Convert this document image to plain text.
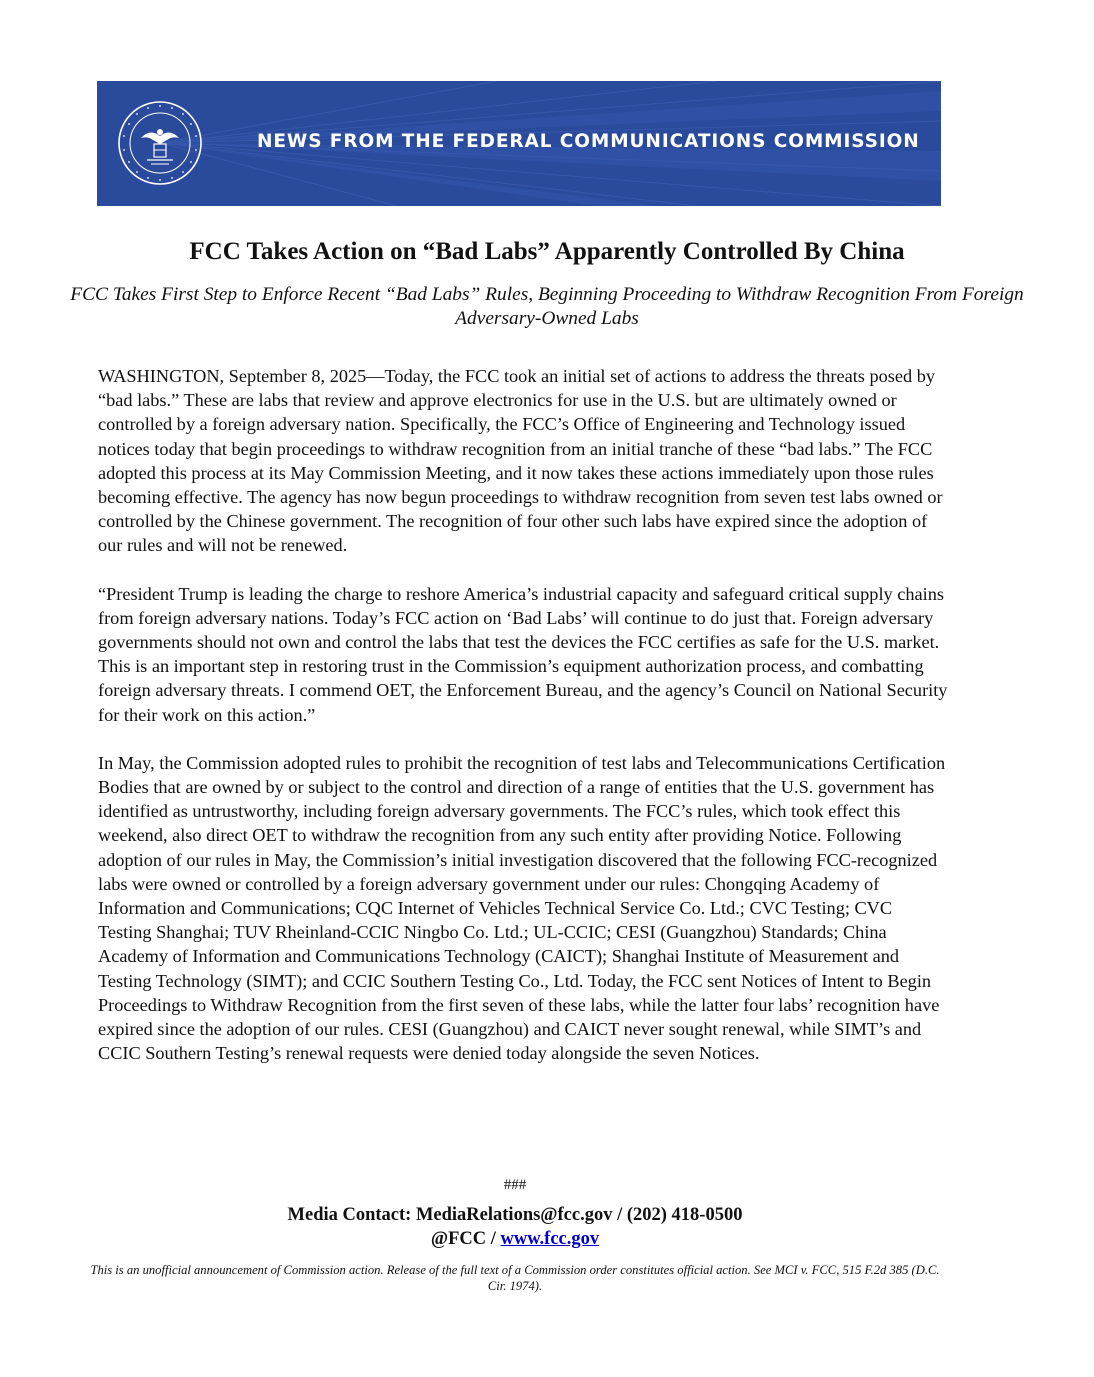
NEWS FROM THE FEDERAL COMMUNICATIONS COMMISSION
FCC Takes Action on “Bad Labs” Apparently Controlled By China
FCC Takes First Step to Enforce Recent “Bad Labs” Rules, Beginning Proceeding to Withdraw Recognition From Foreign Adversary-Owned Labs

WASHINGTON, September 8, 2025—Today, the FCC took an initial set of actions to address the threats posed by “bad labs.” These are labs that review and approve electronics for use in the U.S. but are ultimately owned or controlled by a foreign adversary nation. Specifically, the FCC’s Office of Engineering and Technology issued notices today that begin proceedings to withdraw recognition from an initial tranche of these “bad labs.” The FCC adopted this process at its May Commission Meeting, and it now takes these actions immediately upon those rules becoming effective. The agency has now begun proceedings to withdraw recognition from seven test labs owned or controlled by the Chinese government. The recognition of four other such labs have expired since the adoption of our rules and will not be renewed.

“President Trump is leading the charge to reshore America’s industrial capacity and safeguard critical supply chains from foreign adversary nations. Today’s FCC action on ‘Bad Labs’ will continue to do just that. Foreign adversary governments should not own and control the labs that test the devices the FCC certifies as safe for the U.S. market. This is an important step in restoring trust in the Commission’s equipment authorization process, and combatting foreign adversary threats. I commend OET, the Enforcement Bureau, and the agency’s Council on National Security for their work on this action.”

In May, the Commission adopted rules to prohibit the recognition of test labs and Telecommunications Certification Bodies that are owned by or subject to the control and direction of a range of entities that the U.S. government has identified as untrustworthy, including foreign adversary governments. The FCC’s rules, which took effect this weekend, also direct OET to withdraw the recognition from any such entity after providing Notice. Following adoption of our rules in May, the Commission’s initial investigation discovered that the following FCC-recognized labs were owned or controlled by a foreign adversary government under our rules: Chongqing Academy of Information and Communications; CQC Internet of Vehicles Technical Service Co. Ltd.; CVC Testing; CVC Testing Shanghai; TUV Rheinland-CCIC Ningbo Co. Ltd.; UL-CCIC; CESI (Guangzhou) Standards; China Academy of Information and Communications Technology (CAICT); Shanghai Institute of Measurement and Testing Technology (SIMT); and CCIC Southern Testing Co., Ltd. Today, the FCC sent Notices of Intent to Begin Proceedings to Withdraw Recognition from the first seven of these labs, while the latter four labs’ recognition have expired since the adoption of our rules. CESI (Guangzhou) and CAICT never sought renewal, while SIMT’s and CCIC Southern Testing’s renewal requests were denied today alongside the seven Notices.

###
Media Contact: MediaRelations@fcc.gov / (202) 418-0500
@FCC / www.fcc.gov
This is an unofficial announcement of Commission action. Release of the full text of a Commission order constitutes official action. See MCI v. FCC, 515 F.2d 385 (D.C. Cir. 1974).
